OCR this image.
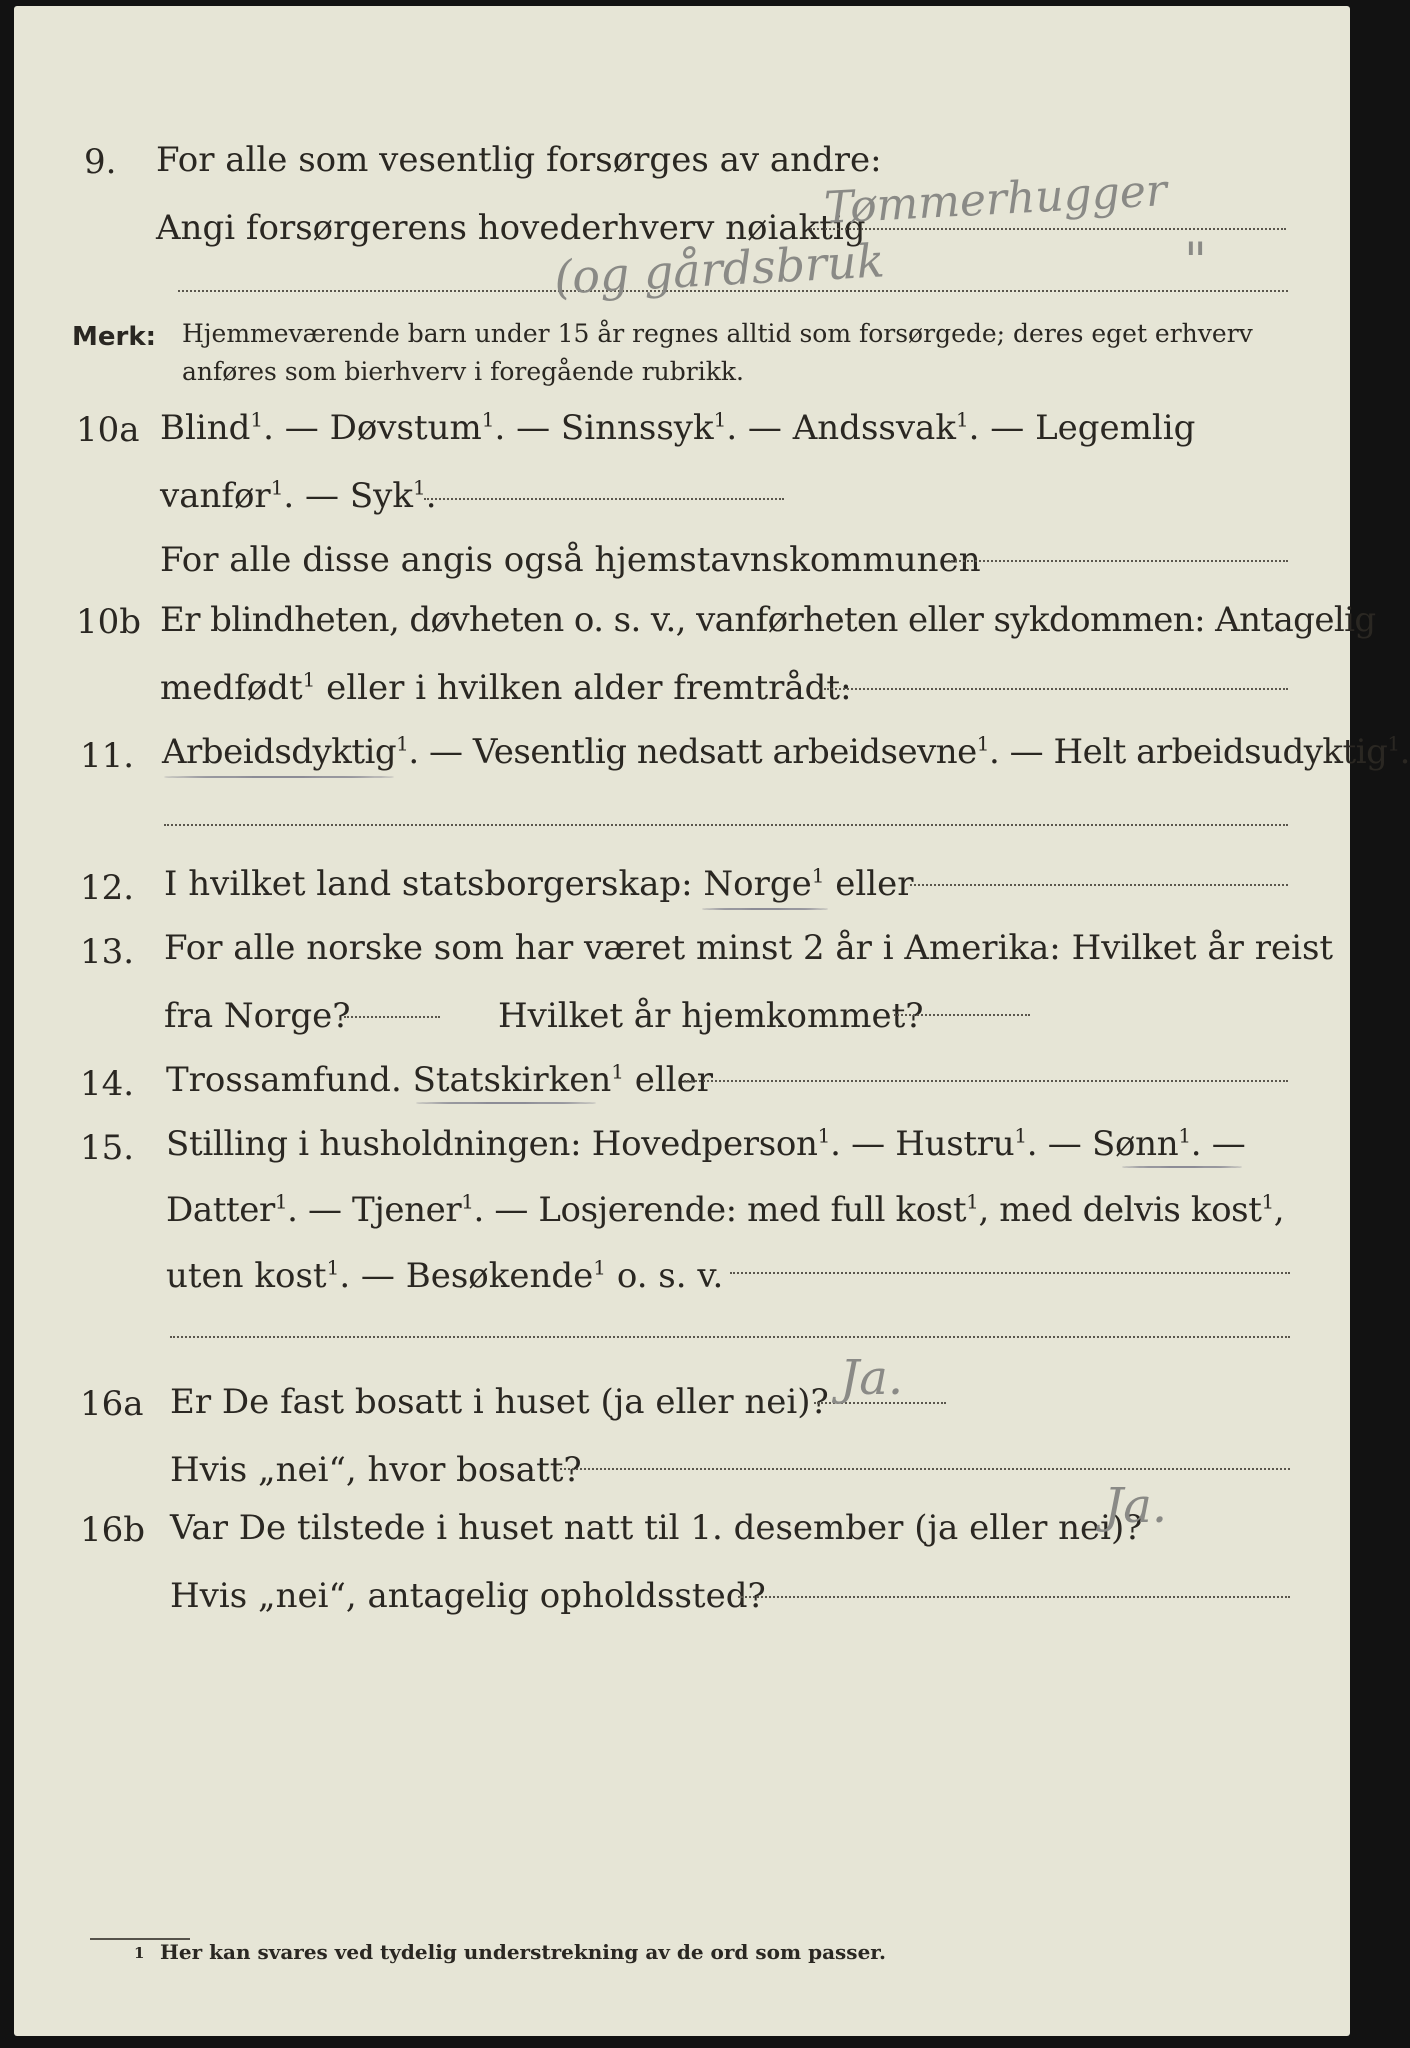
9. For alle som vesentlig forsørges av andre:
Angi forsørgerens hovederhverv nøiaktig
Tømmerhugger
(og gårdsbruk	"
Merk: Hjemmeværende barn under 15 år regnes alltid som forsørgede; deres eget erhverv
anføres som bierhverv i foregående rubrikk.
10a Blind$^1$. — Døvstum$^1$. — Sinnssyk$^1$. — Andssvak$^1$. — Legemlig
vanfør$^1$. — Syk$^1$.
For alle disse angis også hjemstavnskommunen
10b Er blindheten, døvheten o. s. v., vanførheten eller sykdommen: Antagelig
medfødt$^1$ eller i hvilken alder fremtrådt:
11. Arbeidsdyktig$^1$. — Vesentlig nedsatt arbeidsevne$^1$. — Helt arbeidsudyktig$^1$.
12. I hvilket land statsborgerskap: Norge$^1$ eller
13. For alle norske som har været minst 2 år i Amerika: Hvilket år reist
fra Norge?	Hvilket år hjemkommet?
14. Trossamfund. Statskirken$^1$ eller
15. Stilling i husholdningen: Hovedperson$^1$. — Hustru$^1$. — Sønn$^1$. —
Datter$^1$. — Tjener$^1$. — Losjerende: med full kost$^1$, med delvis kost$^1$,
uten kost$^1$. — Besøkende$^1$ o. s. v.
16a Er De fast bosatt i huset (ja eller nei)? Ja.
Hvis „nei“, hvor bosatt?
16b Var De tilstede i huset natt til 1. desember (ja eller nei)?
Ja.
Hvis „nei“, antagelig opholdssted?
1 Her kan svares ved tydelig understrekning av de ord som passer.
